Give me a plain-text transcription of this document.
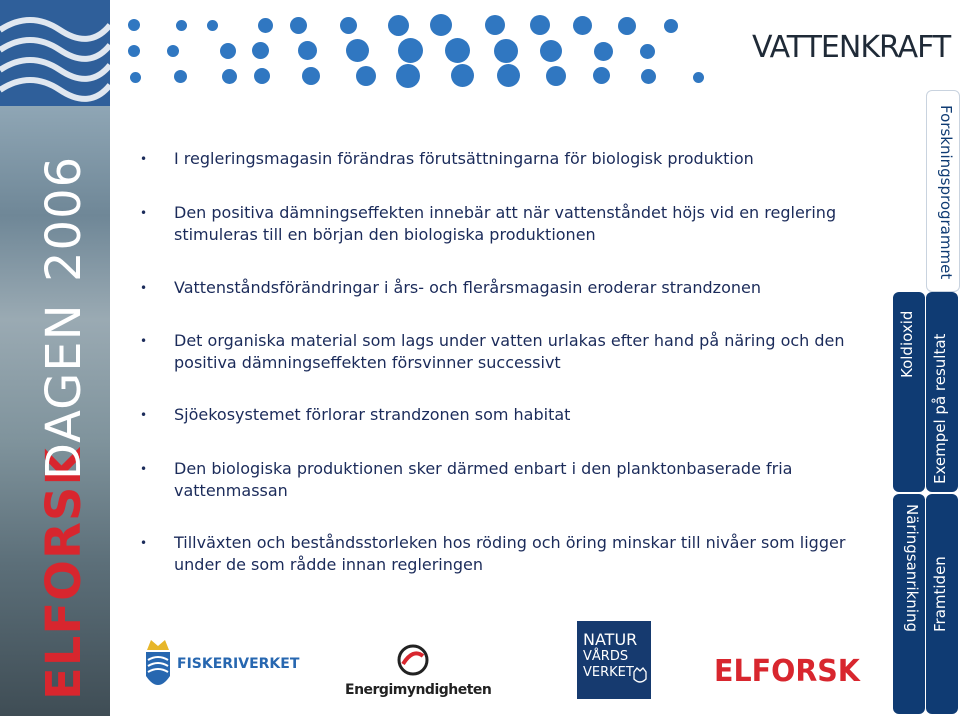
ELFORSK
DAGEN
2006
VATTENKRAFT
• I regleringsmagasin förändras förutsättningarna för biologisk produktion
• Den positiva dämningseffekten innebär att när vattenståndet höjs vid en reglering stimuleras till en början den biologiska produktionen
• Vattenståndsförändringar i års- och flerårsmagasin eroderar strandzonen
• Det organiska material som lags under vatten urlakas efter hand på näring och den positiva dämningseffekten försvinner successivt
• Sjöekosystemet förlorar strandzonen som habitat
• Den biologiska produktionen sker därmed enbart i den planktonbaserade fria vattenmassan
• Tillväxten och beståndsstorleken hos röding och öring minskar till nivåer som ligger under de som rådde innan regleringen
Forskningsprogrammet
Koldioxid Exempel på resultat
Näringsanrikning Framtiden
FISKERIVERKET
Energimyndigheten
NATUR
VÅRDS
VERKET	ELFORSK
